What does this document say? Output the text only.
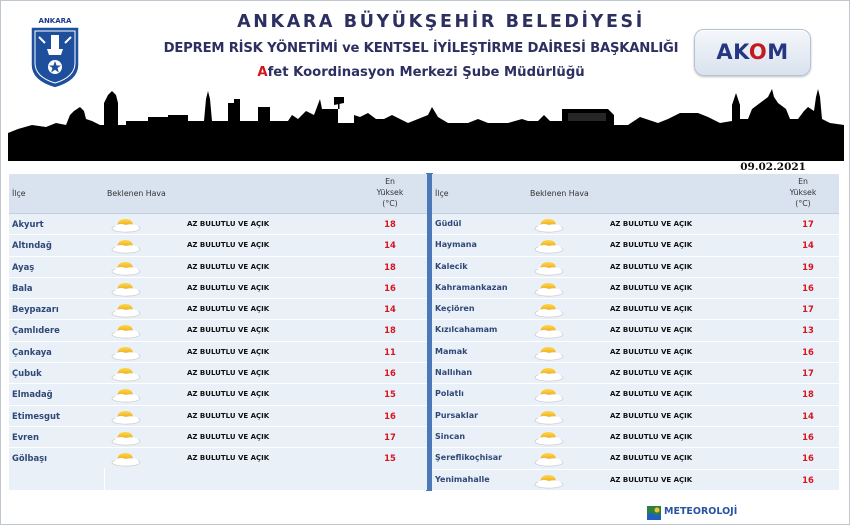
ANKARA	ANKARA BÜYÜKŞEHİR BELEDİYESİ
DEPREM RİSK YÖNETİMİ ve KENTSEL İYİLEŞTİRME DAİRESİ BAŞKANLIĞI
Afet Koordinasyon Merkezi Şube Müdürlüğü
AKOM
09.02.2021
İlçe	Beklenen Hava
En
Yüksek
(°C)
Akyurt	AZ BULUTLU VE AÇIK	18
Altındağ	AZ BULUTLU VE AÇIK	14
Ayaş	AZ BULUTLU VE AÇIK	18
Bala	AZ BULUTLU VE AÇIK	16
Beypazarı	AZ BULUTLU VE AÇIK	14
Çamlıdere	AZ BULUTLU VE AÇIK	18
Çankaya	AZ BULUTLU VE AÇIK	11
Çubuk	AZ BULUTLU VE AÇIK	16
Elmadağ	AZ BULUTLU VE AÇIK	15
Etimesgut	AZ BULUTLU VE AÇIK	16
Evren	AZ BULUTLU VE AÇIK	17
Gölbaşı	AZ BULUTLU VE AÇIK	15
İlçe	Beklenen Hava
En
Yüksek
(°C)
Güdül	AZ BULUTLU VE AÇIK	17
Haymana	AZ BULUTLU VE AÇIK	14
Kalecik	AZ BULUTLU VE AÇIK	19
Kahramankazan	AZ BULUTLU VE AÇIK	16
Keçiören	AZ BULUTLU VE AÇIK	17
Kızılcahamam	AZ BULUTLU VE AÇIK	13
Mamak	AZ BULUTLU VE AÇIK	16
Nallıhan	AZ BULUTLU VE AÇIK	17
Polatlı	AZ BULUTLU VE AÇIK	18
Pursaklar	AZ BULUTLU VE AÇIK	14
Sincan	AZ BULUTLU VE AÇIK	16
Şereflikoçhisar	AZ BULUTLU VE AÇIK	16
Yenimahalle	AZ BULUTLU VE AÇIK	16
METEOROLOJİ
